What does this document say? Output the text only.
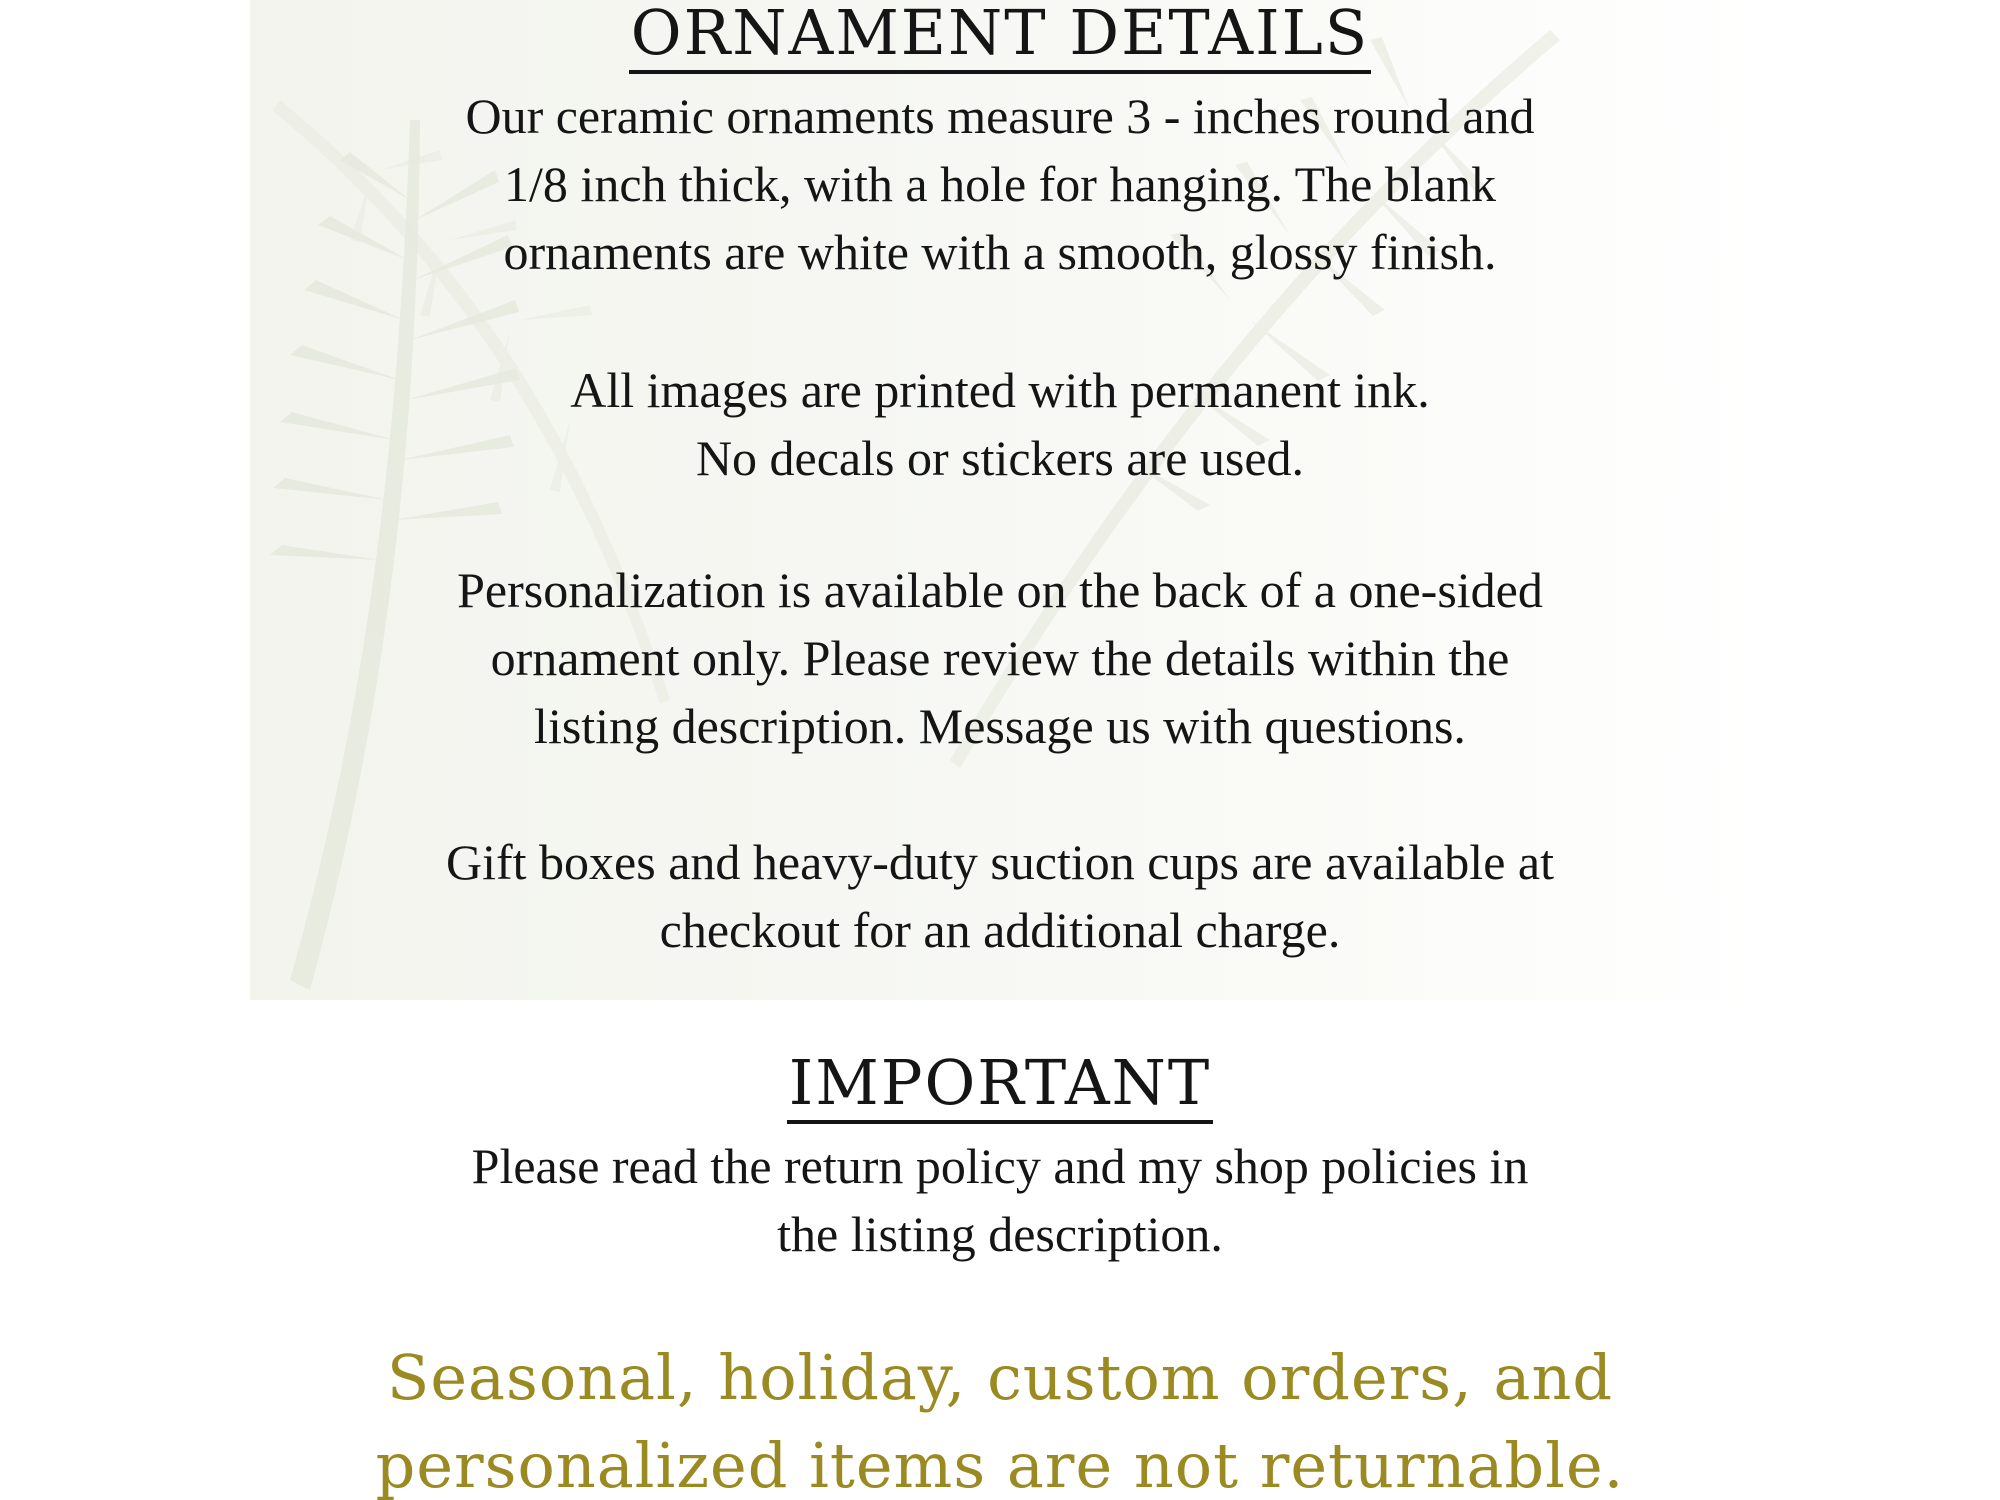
ORNAMENT DETAILS

Our ceramic ornaments measure 3 - inches round and
1/8 inch thick, with a hole for hanging. The blank
ornaments are white with a smooth, glossy finish.

All images are printed with permanent ink.
No decals or stickers are used.

Personalization is available on the back of a one-sided
ornament only. Please review the details within the
listing description. Message us with questions.

Gift boxes and heavy-duty suction cups are available at
checkout for an additional charge.

IMPORTANT

Please read the return policy and my shop policies in
the listing description.

Seasonal, holiday, custom orders, and
personalized items are not returnable.
